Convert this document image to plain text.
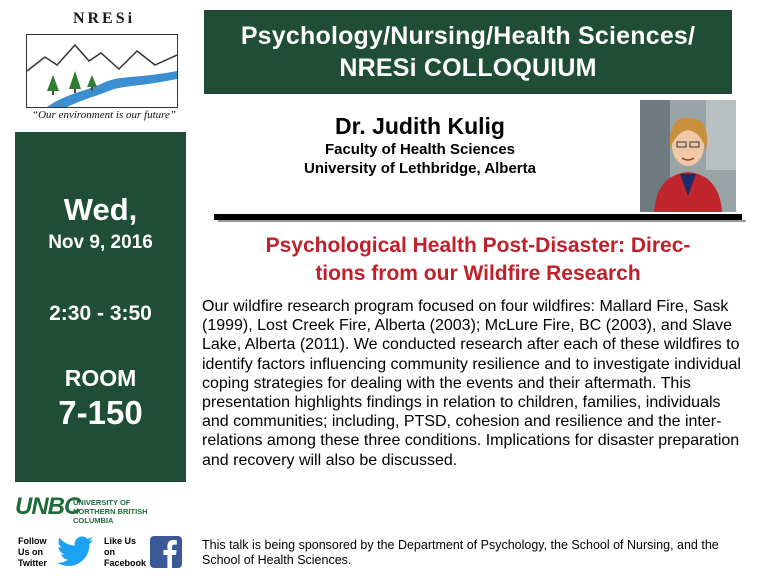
NRESi
“Our environment is our future”
Psychology/Nursing/Health Sciences/
NRESi COLLOQUIUM
Dr. Judith Kulig
Faculty of Health Sciences
University of Lethbridge, Alberta
Wed,
Nov 9, 2016
2:30 - 3:50
ROOM
7-150
Psychological Health Post-Disaster: Direc-
tions from our Wildfire Research

Our wildfire research program focused on four wildfires: Mallard Fire, Sask (1999), Lost Creek Fire, Alberta (2003); McLure Fire, BC (2003), and Slave Lake, Alberta (2011). We conducted research after each of these wildfires to identify factors influencing community resilience and to investigate individual coping strategies for dealing with the events and their aftermath. This presentation highlights findings in relation to children, families, individuals and communities; including, PTSD, cohesion and resilience and the inter-relations among these three conditions. Implications for disaster preparation and recovery will also be discussed.

UNBC
UNIVERSITY OF
NORTHERN BRITISH COLUMBIA
Follow
Us on
Twitter
Like Us
on
Facebook

This talk is being sponsored by the Department of Psychology, the School of Nursing, and the School of Health Sciences.
